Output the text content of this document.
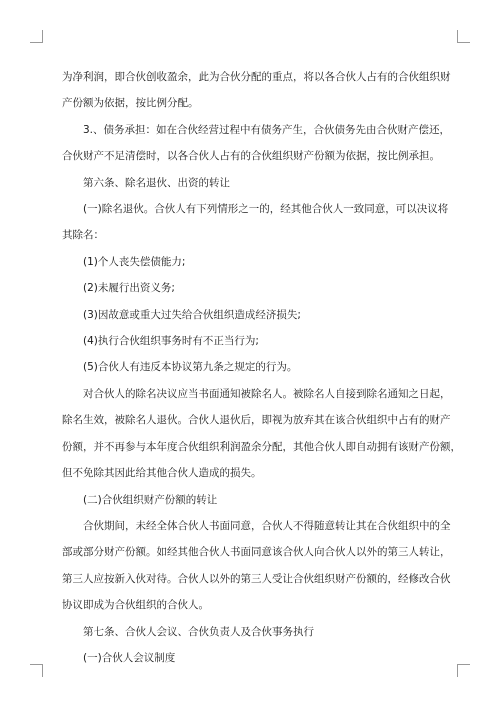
为净利润，即合伙创收盈余，此为合伙分配的重点，将以各合伙人占有的合伙组织财

产份额为依据，按比例分配。

3.、债务承担：如在合伙经营过程中有债务产生，合伙债务先由合伙财产偿还，

合伙财产不足清偿时，以各合伙人占有的合伙组织财产份额为依据，按比例承担。

第六条、除名退伙、出资的转让

(一)除名退伙。合伙人有下列情形之一的，经其他合伙人一致同意，可以决议将

其除名：

(1)个人丧失偿债能力;

(2)未履行出资义务;

(3)因故意或重大过失给合伙组织造成经济损失;

(4)执行合伙组织事务时有不正当行为;

(5)合伙人有违反本协议第九条之规定的行为。

对合伙人的除名决议应当书面通知被除名人。被除名人自接到除名通知之日起，

除名生效，被除名人退伙。合伙人退伙后，即视为放弃其在该合伙组织中占有的财产

份额，并不再参与本年度合伙组织利润盈余分配，其他合伙人即自动拥有该财产份额，

但不免除其因此给其他合伙人造成的损失。

(二)合伙组织财产份额的转让

合伙期间，未经全体合伙人书面同意，合伙人不得随意转让其在合伙组织中的全

部或部分财产份额。如经其他合伙人书面同意该合伙人向合伙人以外的第三人转让，

第三人应按新入伙对待。合伙人以外的第三人受让合伙组织财产份额的，经修改合伙

协议即成为合伙组织的合伙人。

第七条、合伙人会议、合伙负责人及合伙事务执行

(一)合伙人会议制度
